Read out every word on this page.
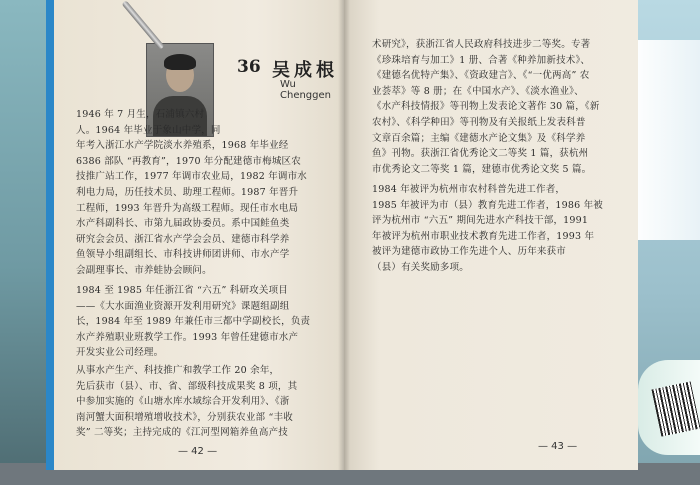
36 吴成根
Wu Chenggen
1946 年 7 月生，石浦镇六村
人。1964 年毕业于象山中学，同
年考入浙江水产学院淡水养殖系，1968 年毕业经
6386 部队 “再教育”，1970 年分配建德市梅城区农
技推广站工作，1977 年调市农业局，1982 年调市水
利电力局，历任技术员、助理工程师。1987 年晋升
工程师，1993 年晋升为高级工程师。现任市水电局
水产科副科长、市第九届政协委员。系中国鲑鱼类
研究会会员、浙江省水产学会会员、建德市科学养
鱼领导小组副组长、市科技讲师团讲师、市水产学
会副理事长、市养蛙协会顾问。
1984 至 1985 年任浙江省 “六五” 科研攻关项目
——《大水面渔业资源开发利用研究》课题组副组
长，1984 年至 1989 年兼任市三都中学副校长，负责
水产养殖职业班教学工作。1993 年曾任建德市水产
开发实业公司经理。
从事水产生产、科技推广和教学工作 20 余年，
先后获市（县）、市、省、部级科技成果奖 8 项，其
中参加实施的《山塘水库水域综合开发利用》、《浙
南河蟹大面积增殖增收技术》，分别获农业部 “丰收
奖” 二等奖；主持完成的《江河型网箱养鱼高产技
— 42 —
术研究》，获浙江省人民政府科技进步二等奖。专著
《珍珠培育与加工》1 册、合著《种养加新技术》、
《建德名优特产集》、《资政建言》、《“一优两高” 农
业荟萃》等 8 册；在《中国水产》、《淡水渔业》、
《水产科技情报》等刊物上发表论文著作 30 篇，《新
农村》、《科学种田》等刊物及有关报纸上发表科普
文章百余篇；主编《建德水产论文集》及《科学养
鱼》刊物。获浙江省优秀论文二等奖 1 篇，获杭州
市优秀论文二等奖 1 篇，建德市优秀论文奖 5 篇。
1984 年被评为杭州市农村科普先进工作者，
1985 年被评为市（县）教育先进工作者，1986 年被
评为杭州市 “六五” 期间先进水产科技干部，1991
年被评为杭州市职业技术教育先进工作者，1993 年
被评为建德市政协工作先进个人、历年来获市
（县）有关奖励多项。
— 43 —
